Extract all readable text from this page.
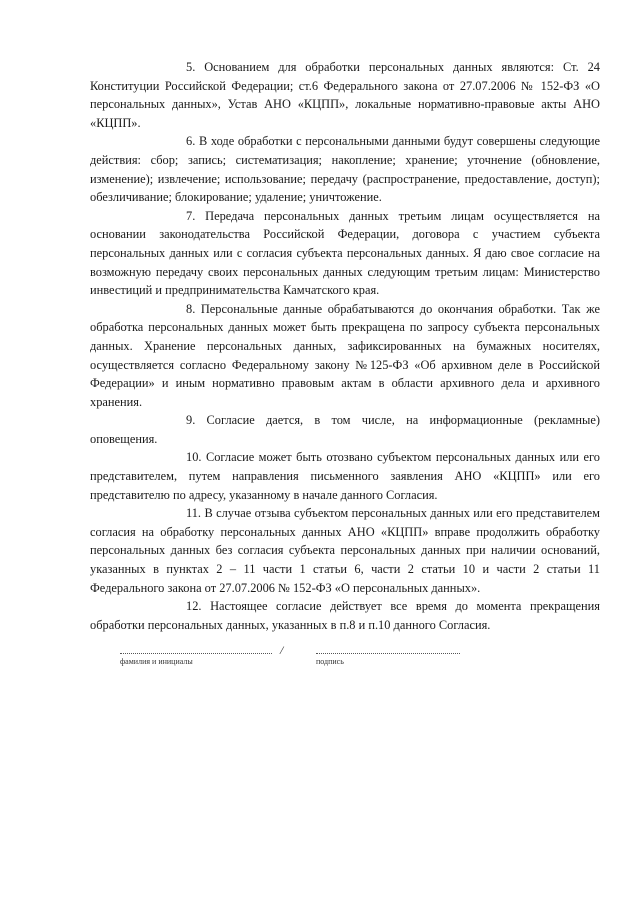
5. Основанием для обработки персональных данных являются: Ст. 24 Конституции Российской Федерации; ст.6 Федерального закона от 27.07.2006 № 152-ФЗ «О персональных данных», Устав АНО «КЦПП», локальные нормативно-правовые акты АНО «КЦПП».

6. В ходе обработки с персональными данными будут совершены следующие действия: сбор; запись; систематизация; накопление; хранение; уточнение (обновление, изменение); извлечение; использование; передачу (распространение, предоставление, доступ); обезличивание; блокирование; удаление; уничтожение.

7. Передача персональных данных третьим лицам осуществляется на основании законодательства Российской Федерации, договора с участием субъекта персональных данных или с согласия субъекта персональных данных. Я даю свое согласие на возможную передачу своих персональных данных следующим третьим лицам: Министерство инвестиций и предпринимательства Камчатского края.

8. Персональные данные обрабатываются до окончания обработки. Так же обработка персональных данных может быть прекращена по запросу субъекта персональных данных. Хранение персональных данных, зафиксированных на бумажных носителях, осуществляется согласно Федеральному закону №125-ФЗ «Об архивном деле в Российской Федерации» и иным нормативно правовым актам в области архивного дела и архивного хранения.

9. Согласие дается, в том числе, на информационные (рекламные) оповещения.

10. Согласие может быть отозвано субъектом персональных данных или его представителем, путем направления письменного заявления АНО «КЦПП» или его представителю по адресу, указанному в начале данного Согласия.

11. В случае отзыва субъектом персональных данных или его представителем согласия на обработку персональных данных АНО «КЦПП» вправе продолжить обработку персональных данных без согласия субъекта персональных данных при наличии оснований, указанных в пунктах 2 – 11 части 1 статьи 6, части 2 статьи 10 и части 2 статьи 11 Федерального закона от 27.07.2006 № 152-ФЗ «О персональных данных».

12. Настоящее согласие действует все время до момента прекращения обработки персональных данных, указанных в п.8 и п.10 данного Согласия.

/
фамилия и инициалы	подпись
